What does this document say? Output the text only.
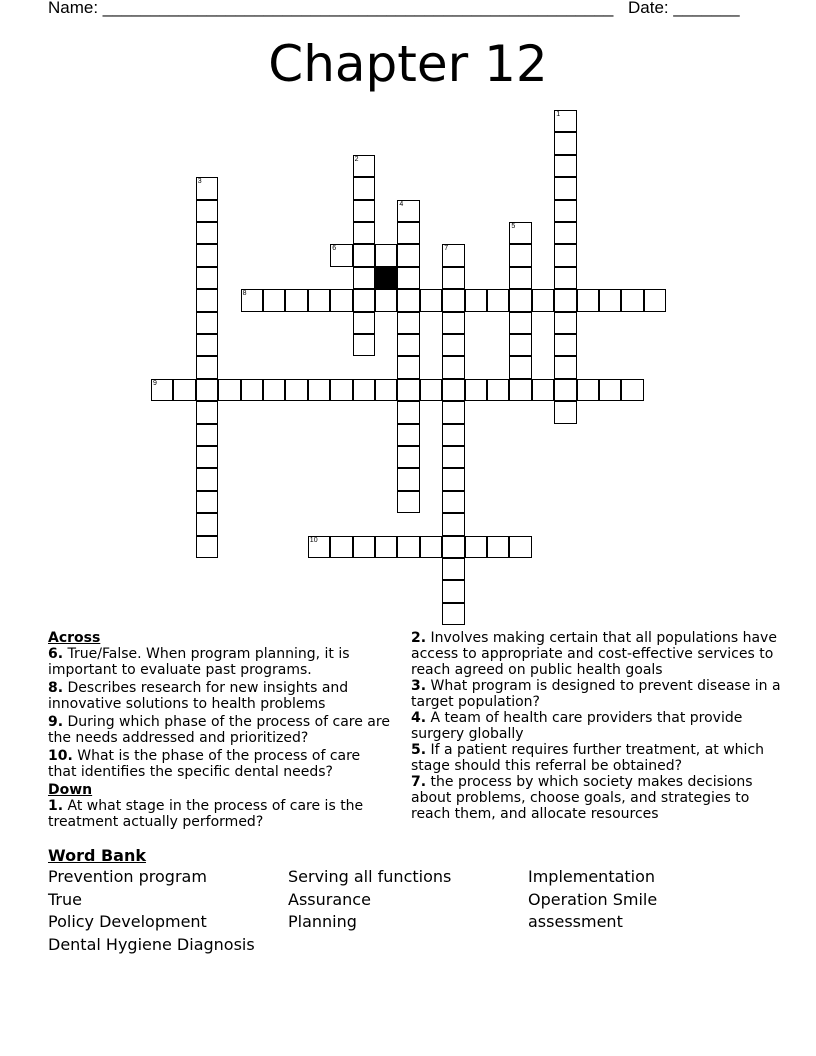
Name: ______________________________________________________ Date: _______
Chapter 12
1
2
3
4
5
6	7
8
9
10
Across
6. True/False. When program planning, it is important to evaluate past programs.
8. Describes research for new insights and innovative solutions to health problems
9. During which phase of the process of care are the needs addressed and prioritized?
10. What is the phase of the process of care that identifies the specific dental needs?
Down
1. At what stage in the process of care is the treatment actually performed?
2. Involves making certain that all populations have access to appropriate and cost-effective services to reach agreed on public health goals
3. What program is designed to prevent disease in a target population?
4. A team of health care providers that provide surgery globally
5. If a patient requires further treatment, at which stage should this referral be obtained?
7. the process by which society makes decisions about problems, choose goals, and strategies to reach them, and allocate resources
Word Bank
Prevention program
True
Policy Development
Dental Hygiene Diagnosis
Serving all functions
Assurance
Planning
Implementation
Operation Smile
assessment
